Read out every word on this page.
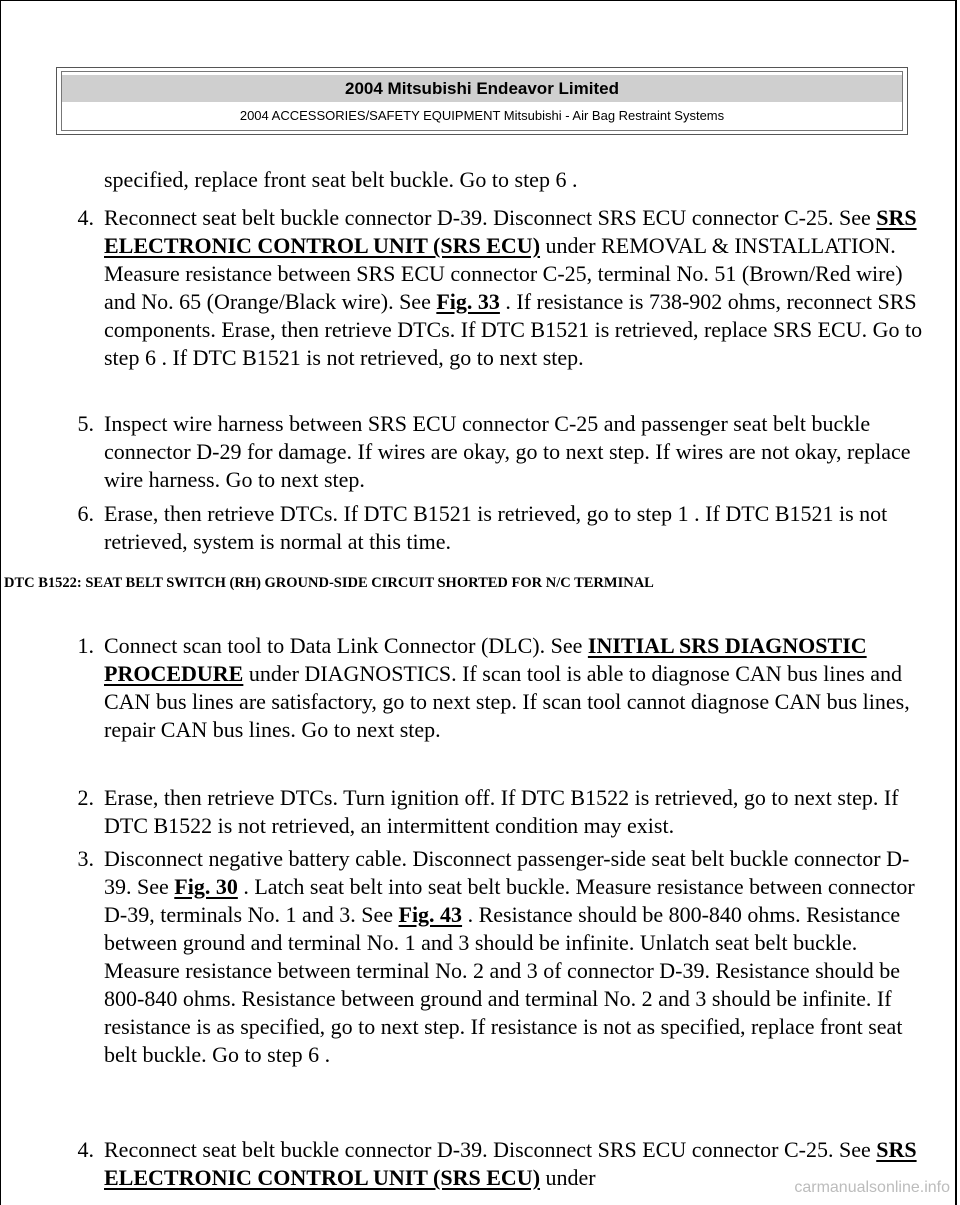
2004 Mitsubishi Endeavor Limited
2004 ACCESSORIES/SAFETY EQUIPMENT Mitsubishi - Air Bag Restraint Systems
specified, replace front seat belt buckle. Go to step 6 .
4. Reconnect seat belt buckle connector D-39. Disconnect SRS ECU connector C-25. See SRS ELECTRONIC CONTROL UNIT (SRS ECU) under REMOVAL & INSTALLATION. Measure resistance between SRS ECU connector C-25, terminal No. 51 (Brown/Red wire) and No. 65 (Orange/Black wire). See Fig. 33 . If resistance is 738-902 ohms, reconnect SRS components. Erase, then retrieve DTCs. If DTC B1521 is retrieved, replace SRS ECU. Go to step 6 . If DTC B1521 is not retrieved, go to next step.
5. Inspect wire harness between SRS ECU connector C-25 and passenger seat belt buckle connector D-29 for damage. If wires are okay, go to next step. If wires are not okay, replace wire harness. Go to next step.
6. Erase, then retrieve DTCs. If DTC B1521 is retrieved, go to step 1 . If DTC B1521 is not retrieved, system is normal at this time.
DTC B1522: SEAT BELT SWITCH (RH) GROUND-SIDE CIRCUIT SHORTED FOR N/C TERMINAL
1. Connect scan tool to Data Link Connector (DLC). See INITIAL SRS DIAGNOSTIC PROCEDURE under DIAGNOSTICS. If scan tool is able to diagnose CAN bus lines and CAN bus lines are satisfactory, go to next step. If scan tool cannot diagnose CAN bus lines, repair CAN bus lines. Go to next step.
2. Erase, then retrieve DTCs. Turn ignition off. If DTC B1522 is retrieved, go to next step. If DTC B1522 is not retrieved, an intermittent condition may exist.
3. Disconnect negative battery cable. Disconnect passenger-side seat belt buckle connector D-39. See Fig. 30 . Latch seat belt into seat belt buckle. Measure resistance between connector D-39, terminals No. 1 and 3. See Fig. 43 . Resistance should be 800-840 ohms. Resistance between ground and terminal No. 1 and 3 should be infinite. Unlatch seat belt buckle. Measure resistance between terminal No. 2 and 3 of connector D-39. Resistance should be 800-840 ohms. Resistance between ground and terminal No. 2 and 3 should be infinite. If resistance is as specified, go to next step. If resistance is not as specified, replace front seat belt buckle. Go to step 6 .
4. Reconnect seat belt buckle connector D-39. Disconnect SRS ECU connector C-25. See SRS ELECTRONIC CONTROL UNIT (SRS ECU) under	carmanualsonline.info
